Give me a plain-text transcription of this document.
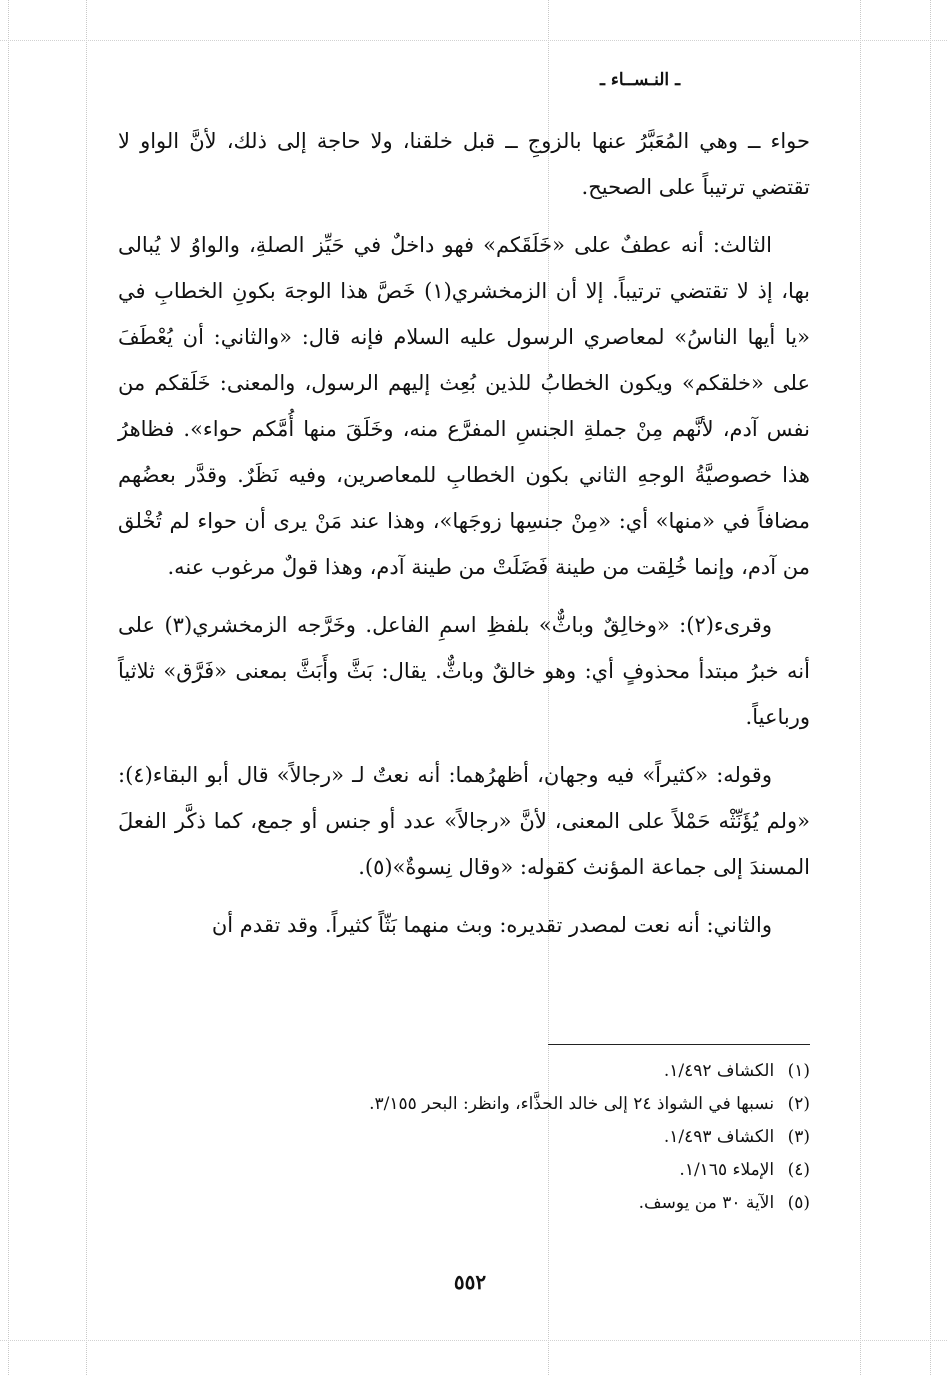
ـ النـســاء ـ

حواء ــ وهي المُعَبَّرُ عنها بالزوجِ ــ قبل خلقنا، ولا حاجة إلى ذلك، لأنَّ الواو لا تقتضي ترتيباً على الصحيح.

الثالث: أنه عطفٌ على «خَلَقَكم» فهو داخلٌ في حَيِّز الصلةِ، والواوُ لا يُبالى بها، إذ لا تقتضي ترتيباً. إلا أن الزمخشري(١) خَصَّ هذا الوجهَ بكونِ الخطابِ في «يا أيها الناسُ» لمعاصري الرسول عليه السلام فإنه قال: «والثاني: أن يُعْطَفَ على «خلقكم» ويكون الخطابُ للذين بُعِث إليهم الرسول، والمعنى: خَلَقكم من نفس آدم، لأنَّهم مِنْ جملةِ الجنسِ المفرَّع منه، وخَلَقَ منها أُمَّكم حواء». فظاهرُ هذا خصوصيَّةُ الوجهِ الثاني بكون الخطابِ للمعاصرين، وفيه نَظَرٌ. وقدَّر بعضُهم مضافاً في «منها» أي: «مِنْ جنسِها زوجَها»، وهذا عند مَنْ يرى أن حواء لم تُخْلق من آدم، وإنما خُلِقت من طينة فَضَلَتْ من طينة آدم، وهذا قولٌ مرغوب عنه.

وقرىء(٢): «وخالِقٌ وباثٌّ» بلفظِ اسمِ الفاعل. وخَرَّجه الزمخشري(٣) على أنه خبرُ مبتدأ محذوفٍ أي: وهو خالقٌ وباثٌّ. يقال: بَثَّ وأَبَثَّ بمعنى «فَرَّق» ثلاثياً ورباعياً.

وقوله: «كثيراً» فيه وجهان، أظهرُهما: أنه نعتٌ لـ «رجالاً» قال أبو البقاء(٤): «ولم يُؤَنِّثْه حَمْلاً على المعنى، لأنَّ «رجالاً» عدد أو جنس أو جمع، كما ذكَّر الفعلَ المسندَ إلى جماعة المؤنث كقوله: «وقال نِسوةٌ»(٥).

والثاني: أنه نعت لمصدر تقديره: وبث منهما بَثّاً كثيراً. وقد تقدم أن

(١) الكشاف ١/٤٩٢.
(٢) نسبها في الشواذ ٢٤ إلى خالد الحذَّاء، وانظر: البحر ٣/١٥٥.
(٣) الكشاف ١/٤٩٣.
(٤) الإملاء ١/١٦٥.
(٥) الآية ٣٠ من يوسف.
٥٥٢
